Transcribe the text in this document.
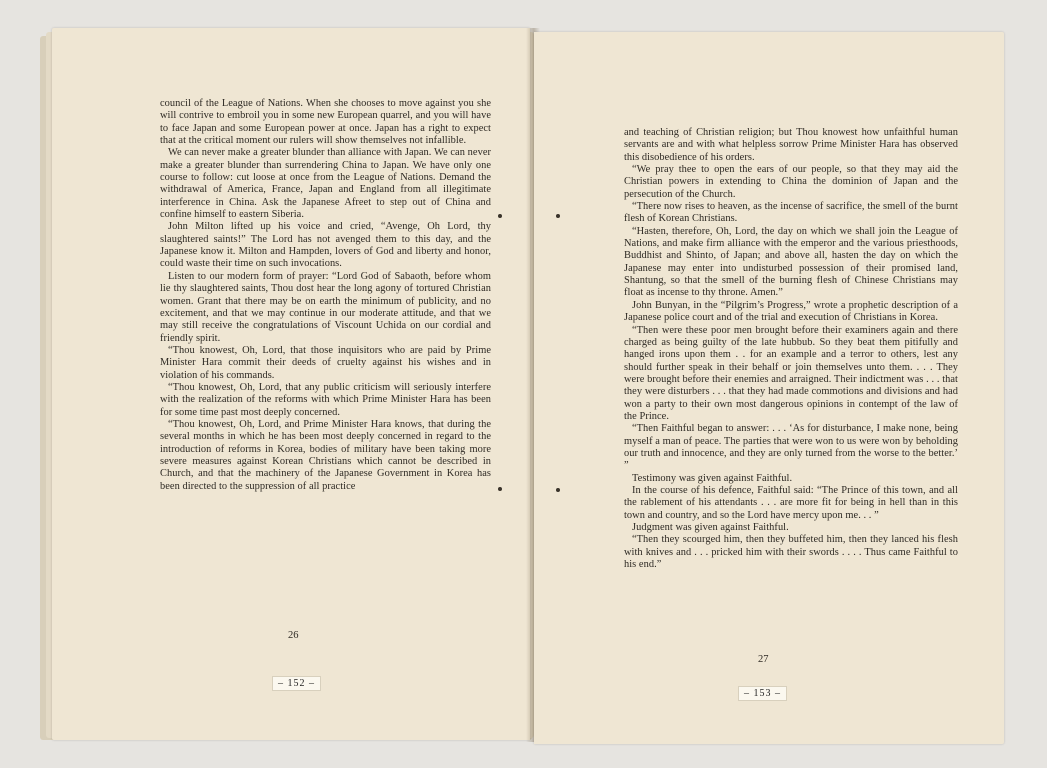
council of the League of Nations. When she chooses to move against you she will contrive to embroil you in some new European quarrel, and you will have to face Japan and some European power at once. Japan has a right to expect that at the critical moment our rulers will show themselves not infallible.

We can never make a greater blunder than alliance with Japan. We can never make a greater blunder than surrendering China to Japan. We have only one course to follow: cut loose at once from the League of Nations. Demand the withdrawal of America, France, Japan and England from all illegitimate interference in China. Ask the Japanese Afreet to step out of China and confine himself to eastern Siberia.

John Milton lifted up his voice and cried, “Avenge, Oh Lord, thy slaughtered saints!” The Lord has not avenged them to this day, and the Japanese know it. Milton and Hampden, lovers of God and liberty and honor, could waste their time on such invocations.

Listen to our modern form of prayer: “Lord God of Sabaoth, before whom lie thy slaughtered saints, Thou dost hear the long agony of tortured Christian women. Grant that there may be on earth the minimum of publicity, and no excitement, and that we may continue in our moderate attitude, and that we may still receive the congratulations of Viscount Uchida on our cordial and friendly spirit.

“Thou knowest, Oh, Lord, that those inquisitors who are paid by Prime Minister Hara commit their deeds of cruelty against his wishes and in violation of his commands.

“Thou knowest, Oh, Lord, that any public criticism will seriously interfere with the realization of the reforms with which Prime Minister Hara has been for some time past most deeply concerned.

“Thou knowest, Oh, Lord, and Prime Minister Hara knows, that during the several months in which he has been most deeply concerned in regard to the introduction of reforms in Korea, bodies of military have been taking more severe measures against Korean Christians which cannot be described in Church, and that the machinery of the Japanese Government in Korea has been directed to the suppression of all practice

26
– 152 –

and teaching of Christian religion; but Thou knowest how unfaithful human servants are and with what helpless sorrow Prime Minister Hara has observed this disobedience of his orders.

“We pray thee to open the ears of our people, so that they may aid the Christian powers in extending to China the dominion of Japan and the persecution of the Church.

“There now rises to heaven, as the incense of sacrifice, the smell of the burnt flesh of Korean Christians.

“Hasten, therefore, Oh, Lord, the day on which we shall join the League of Nations, and make firm alliance with the emperor and the various priesthoods, Buddhist and Shinto, of Japan; and above all, hasten the day on which the Japanese may enter into undisturbed possession of their promised land, Shantung, so that the smell of the burning flesh of Chinese Christians may float as incense to thy throne. Amen.”

John Bunyan, in the “Pilgrim’s Progress,” wrote a prophetic description of a Japanese police court and of the trial and execution of Christians in Korea.

“Then were these poor men brought before their examiners again and there charged as being guilty of the late hubbub. So they beat them pitifully and hanged irons upon them . . for an example and a terror to others, lest any should further speak in their behalf or join themselves unto them. . . . They were brought before their enemies and arraigned. Their indictment was . . . that they were disturbers . . . that they had made commotions and divisions and had won a party to their own most dangerous opinions in contempt of the law of the Prince.

“Then Faithful began to answer: . . . ‘As for disturbance, I make none, being myself a man of peace. The parties that were won to us were won by beholding our truth and innocence, and they are only turned from the worse to the better.’ ”

Testimony was given against Faithful.

In the course of his defence, Faithful said: “The Prince of this town, and all the rablement of his attendants . . . are more fit for being in hell than in this town and country, and so the Lord have mercy upon me. . . ”

Judgment was given against Faithful.

“Then they scourged him, then they buffeted him, then they lanced his flesh with knives and . . . pricked him with their swords . . . . Thus came Faithful to his end.”

27
– 153 –
